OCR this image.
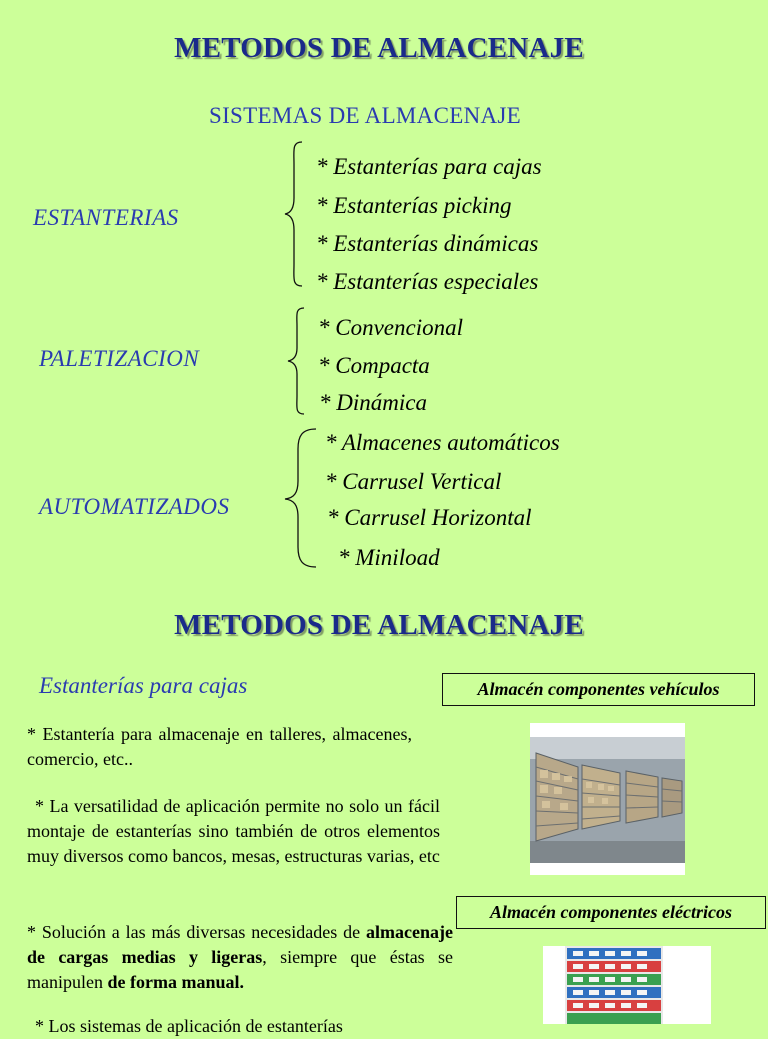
METODOS DE ALMACENAJE
SISTEMAS DE ALMACENAJE
ESTANTERIAS
* Estanterías para cajas
* Estanterías picking
* Estanterías dinámicas
* Estanterías especiales
PALETIZACION
* Convencional
* Compacta
* Dinámica
AUTOMATIZADOS
* Almacenes automáticos
* Carrusel Vertical
* Carrusel Horizontal
* Miniload
METODOS DE ALMACENAJE
Estanterías para cajas
* Estantería para almacenaje en talleres, almacenes, comercio, etc..
* La versatilidad de aplicación permite no solo un fácil montaje de estanterías sino también de otros elementos muy diversos como bancos, mesas, estructuras varias, etc
* Solución a las más diversas necesidades de almacenaje de cargas medias y ligeras, siempre que éstas se manipulen de forma manual.
* Los sistemas de aplicación de estanterías
Almacén componentes vehículos
Almacén componentes eléctricos
